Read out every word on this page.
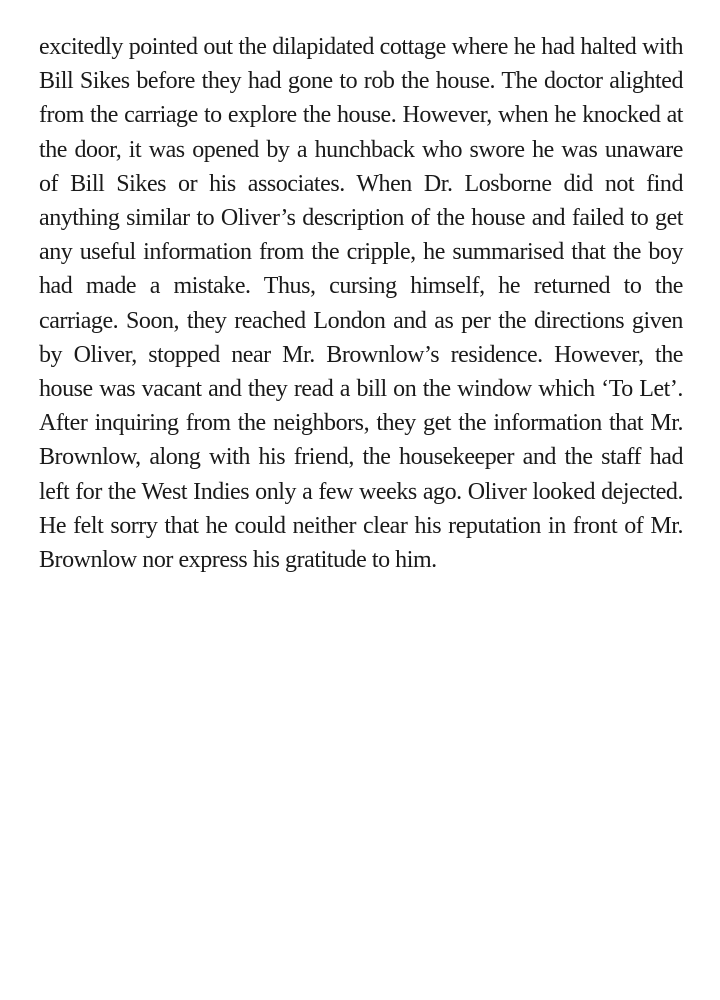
excitedly pointed out the dilapidated cottage where he had halted with Bill Sikes before they had gone to rob the house. The doctor alighted from the carriage to explore the house. However, when he knocked at the door, it was opened by a hunchback who swore he was unaware of Bill Sikes or his associates. When Dr. Losborne did not find anything similar to Oliver’s description of the house and failed to get any useful information from the cripple, he summarised that the boy had made a mistake. Thus, cursing himself, he returned to the carriage. Soon, they reached London and as per the directions given by Oliver, stopped near Mr. Brownlow’s residence. However, the house was vacant and they read a bill on the window which ‘To Let’. After inquiring from the neighbors, they get the information that Mr. Brownlow, along with his friend, the housekeeper and the staff had left for the West Indies only a few weeks ago. Oliver looked dejected. He felt sorry that he could neither clear his reputation in front of Mr. Brownlow nor express his gratitude to him.
